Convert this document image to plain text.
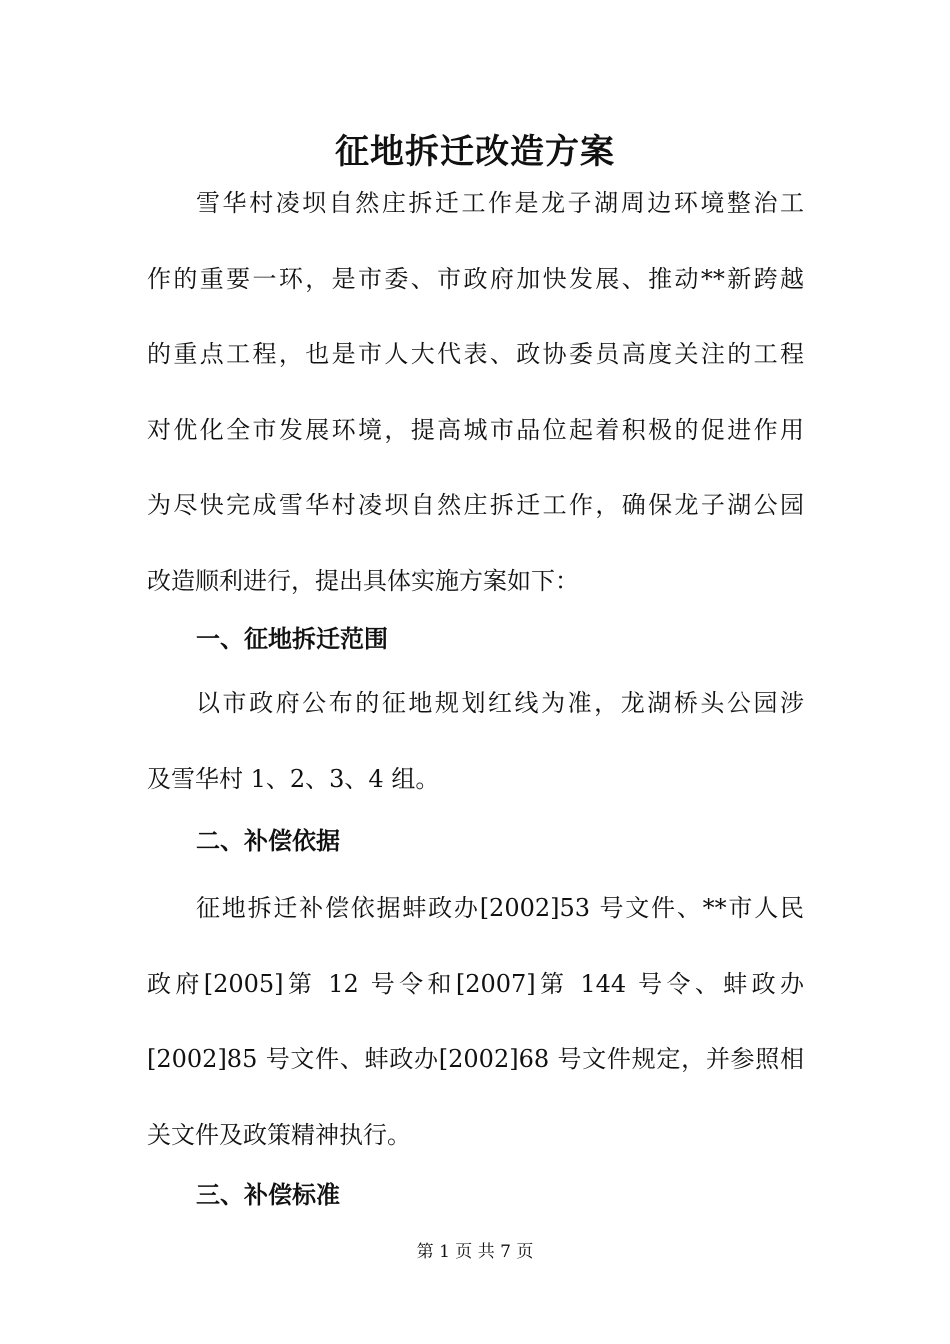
征地拆迁改造方案
雪华村凌坝自然庄拆迁工作是龙子湖周边环境整治工
作的重要一环，是市委、市政府加快发展、推动**新跨越
的重点工程，也是市人大代表、政协委员高度关注的工程
对优化全市发展环境，提高城市品位起着积极的促进作用
为尽快完成雪华村凌坝自然庄拆迁工作，确保龙子湖公园
改造顺利进行，提出具体实施方案如下：
一、征地拆迁范围
以市政府公布的征地规划红线为准，龙湖桥头公园涉
及雪华村 1、2、3、4 组。
二、补偿依据
征地拆迁补偿依据蚌政办[2002]53 号文件、**市人民
政府[2005]第 12 号令和[2007]第 144 号令、蚌政办
[2002]85 号文件、蚌政办[2002]68 号文件规定，并参照相
关文件及政策精神执行。
三、补偿标准
第 1 页 共 7 页
